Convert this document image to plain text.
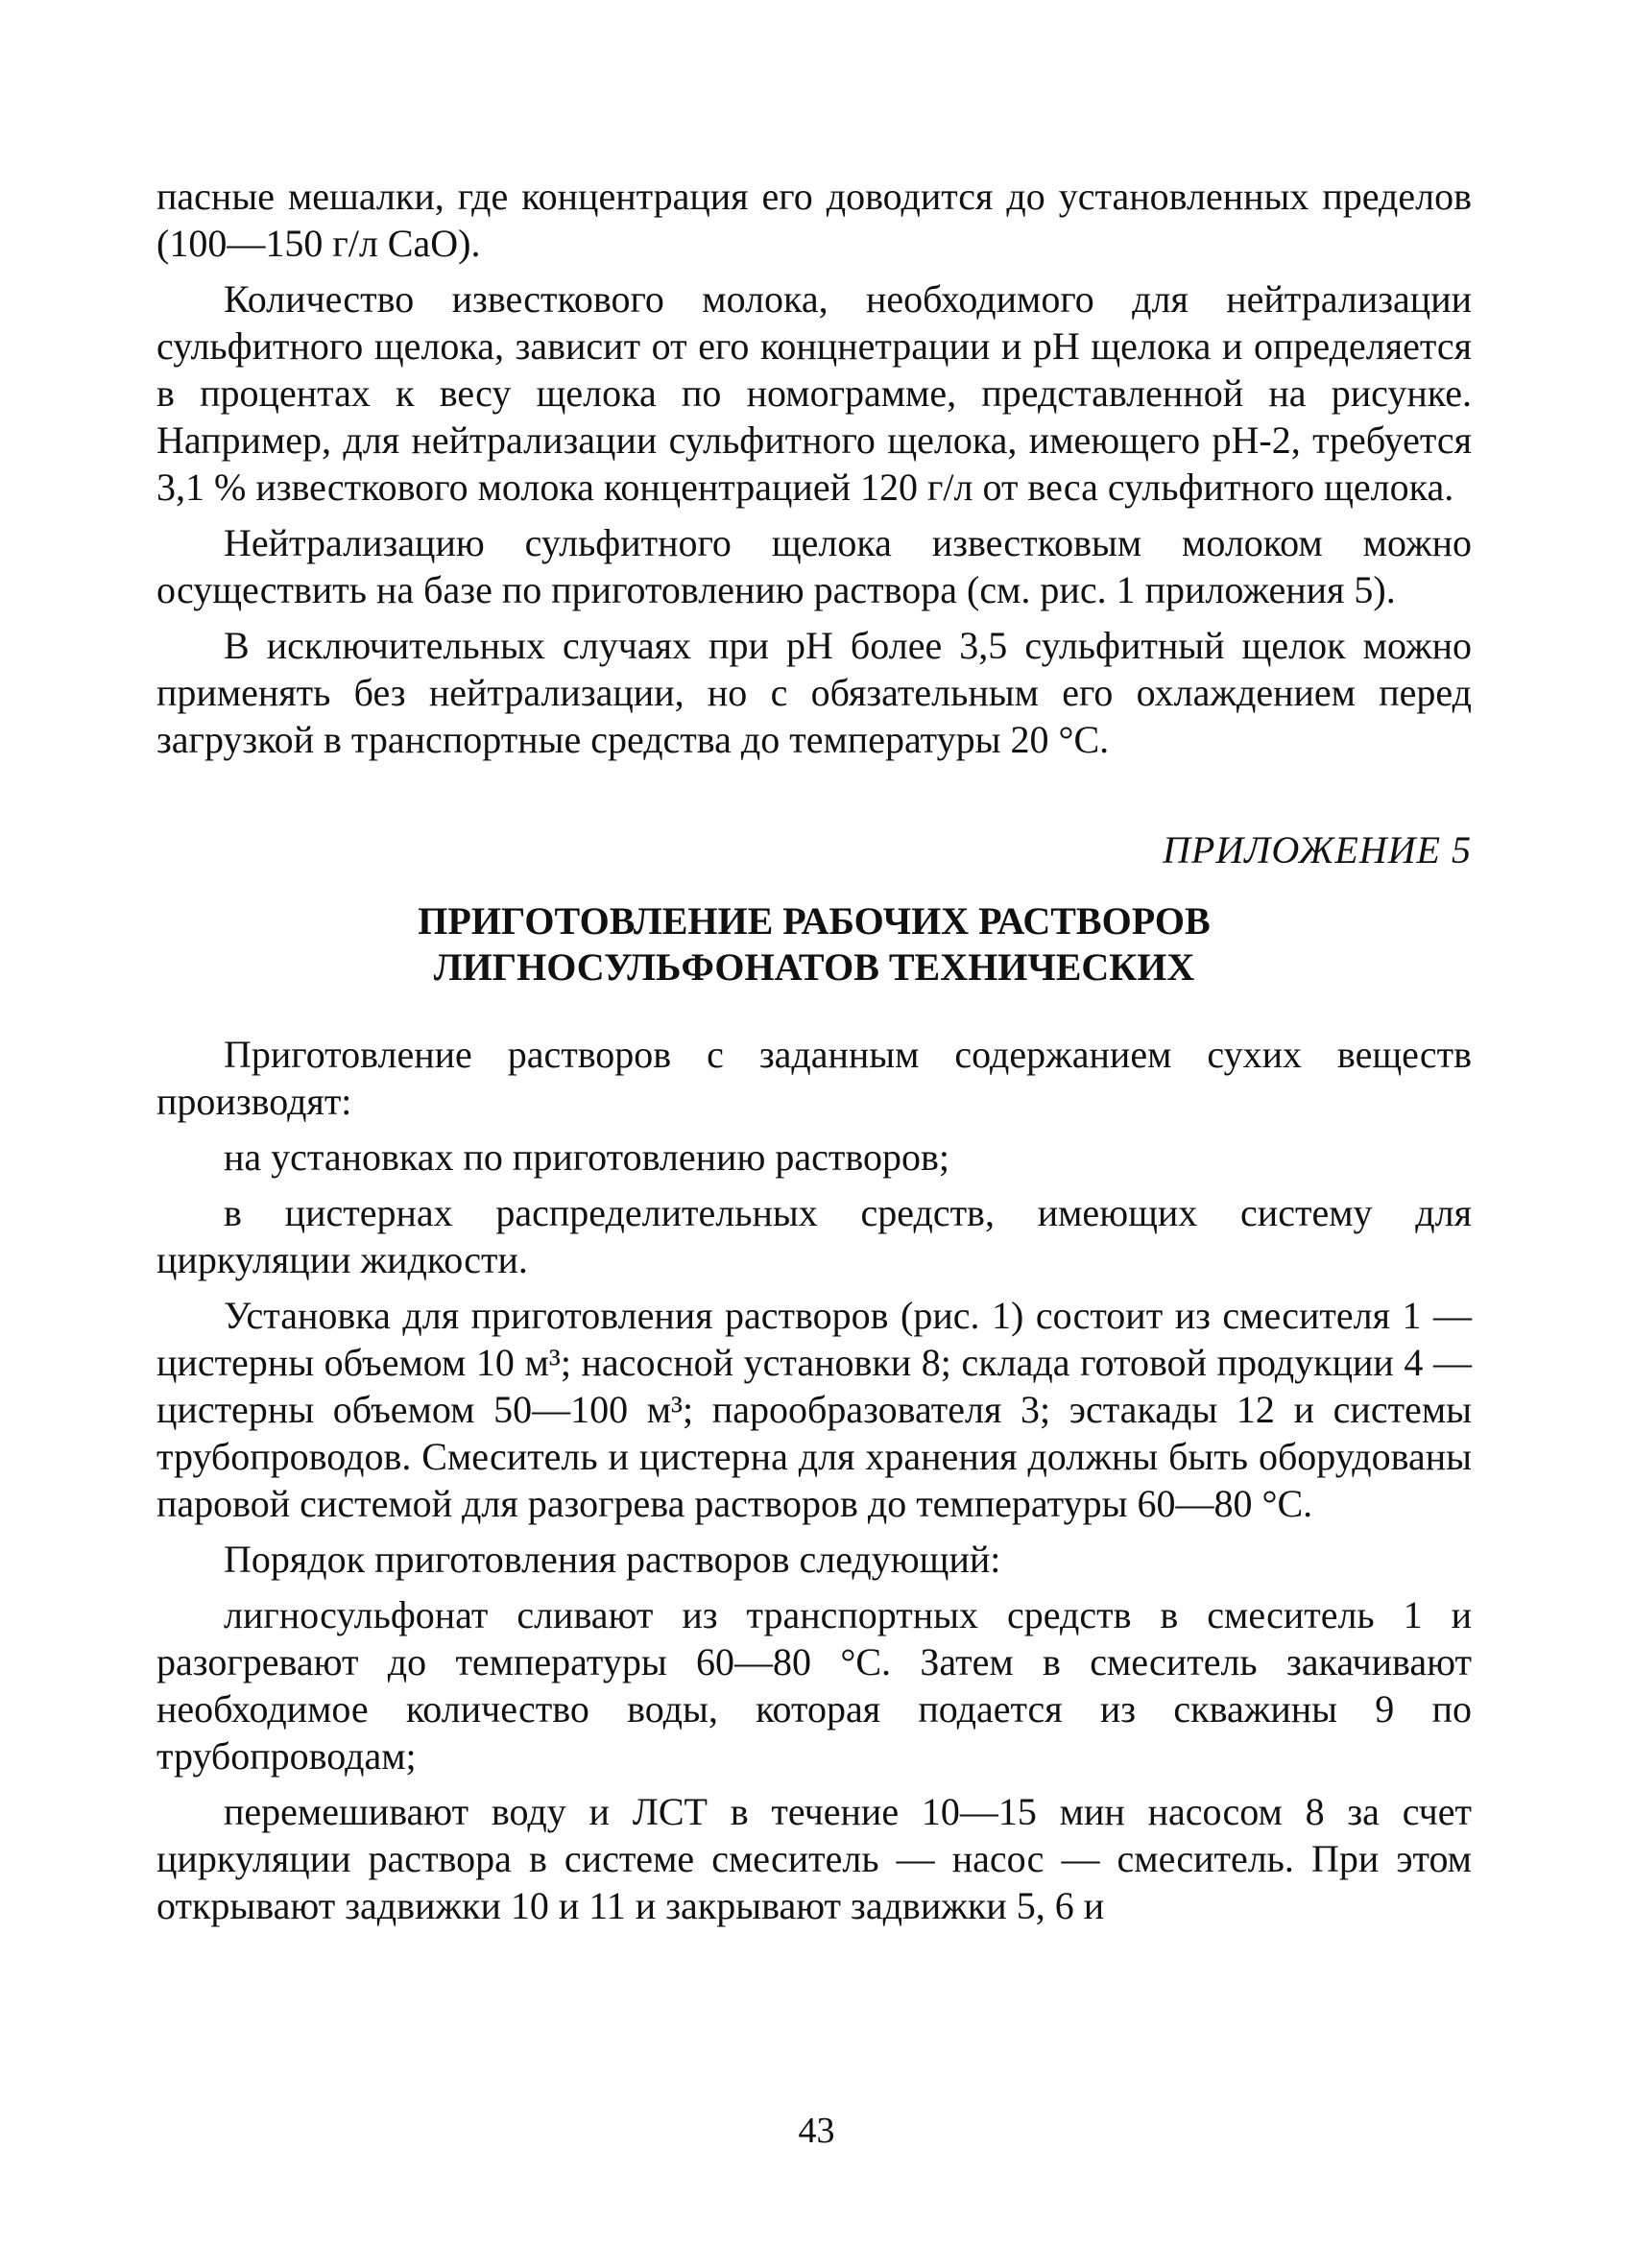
пасные мешалки, где концентрация его доводится до установленных пределов (100—150 г/л CaO).

Количество известкового молока, необходимого для нейтрализации сульфитного щелока, зависит от его концнетрации и pH щелока и определяется в процентах к весу щелока по номограмме, представленной на рисунке. Например, для нейтрализации сульфитного щелока, имеющего pH-2, требуется 3,1 % известкового молока концентрацией 120 г/л от веса сульфитного щелока.

Нейтрализацию сульфитного щелока известковым молоком можно осуществить на базе по приготовлению раствора (см. рис. 1 приложения 5).

В исключительных случаях при pH более 3,5 сульфитный щелок можно применять без нейтрализации, но с обязательным его охлаждением перед загрузкой в транспортные средства до температуры 20 °С.

ПРИЛОЖЕНИЕ 5
ПРИГОТОВЛЕНИЕ РАБОЧИХ РАСТВОРОВ
ЛИГНОСУЛЬФОНАТОВ ТЕХНИЧЕСКИХ

Приготовление растворов с заданным содержанием сухих веществ производят:

на установках по приготовлению растворов;

в цистернах распределительных средств, имеющих систему для циркуляции жидкости.

Установка для приготовления растворов (рис. 1) состоит из смесителя 1 — цистерны объемом 10 м³; насосной установки 8; склада готовой продукции 4 — цистерны объемом 50—100 м³; парообразователя 3; эстакады 12 и системы трубопроводов. Смеситель и цистерна для хранения должны быть оборудованы паровой системой для разогрева растворов до температуры 60—80 °С.

Порядок приготовления растворов следующий:

лигносульфонат сливают из транспортных средств в смеситель 1 и разогревают до температуры 60—80 °С. Затем в смеситель закачивают необходимое количество воды, которая подается из скважины 9 по трубопроводам;

перемешивают воду и ЛСТ в течение 10—15 мин насосом 8 за счет циркуляции раствора в системе смеситель — насос — смеситель. При этом открывают задвижки 10 и 11 и закрывают задвижки 5, 6 и

43
